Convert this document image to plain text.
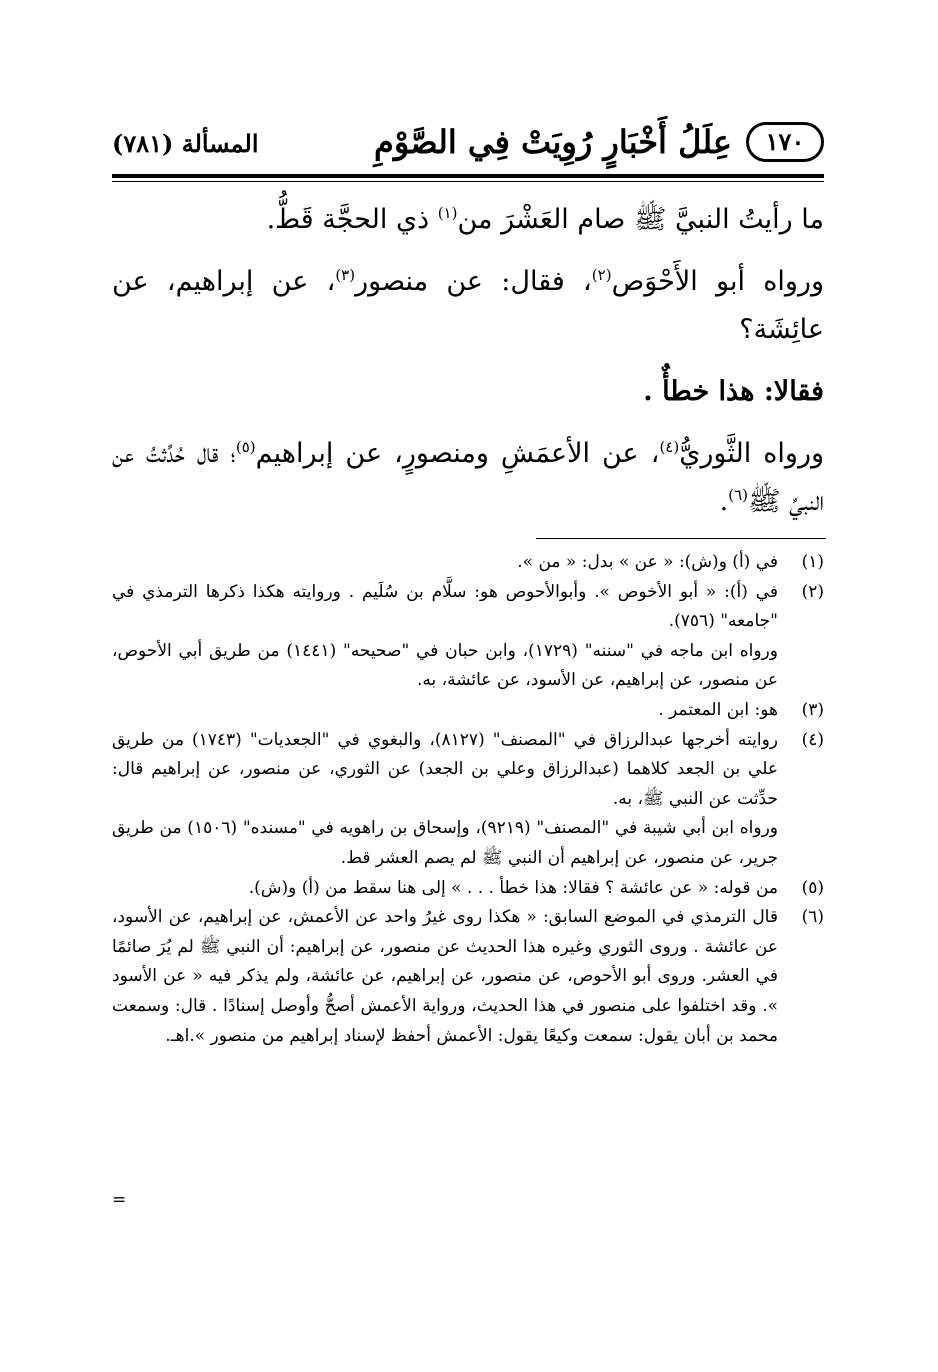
١٧٠
عِلَلُ أَخْبَارٍ رُوِيَتْ فِي الصَّوْمِ
المسألة (٧٨١)

ما رأيتُ النبيَّ ﷺ صام العَشْرَ من$^{(١)}$ ذي الحجَّة قَطُّ.

ورواه أبو الأَحْوَص$^{(٢)}$، فقال: عن منصور$^{(٣)}$، عن إبراهيم، عن عائِشَة؟

فقالا: هذا خطأٌ .

ورواه الثَّوريُّ$^{(٤)}$، عن الأعمَشِ ومنصورٍ، عن إبراهيم$^{(٥)}$؛ قال حُدِّثتُ عن النبيِّ ﷺ$^{(٦)}$.

(١)
في (أ) و(ش): « عن » بدل: « من ».
(٢)
في (أ): « أبو الأخوص ». وأبوالأحوص هو: سلَّام بن سُلَيم . وروايته هكذا ذكرها الترمذي في "جامعه" (٧٥٦).
ورواه ابن ماجه في "سننه" (١٧٢٩)، وابن حبان في "صحيحه" (١٤٤١) من طريق أبي الأحوص، عن منصور، عن إبراهيم، عن الأسود، عن عائشة، به.
(٣)
هو: ابن المعتمر .
(٤)
روايته أخرجها عبدالرزاق في "المصنف" (٨١٢٧)، والبغوي في "الجعديات" (١٧٤٣) من طريق علي بن الجعد كلاهما (عبدالرزاق وعلي بن الجعد) عن الثوري، عن منصور، عن إبراهيم قال: حدِّثت عن النبي ﷺ، به.
ورواه ابن أبي شيبة في "المصنف" (٩٢١٩)، وإسحاق بن راهويه في "مسنده" (١٥٠٦) من طريق جرير، عن منصور، عن إبراهيم أن النبي ﷺ لم يصم العشر قط.
(٥)
من قوله: « عن عائشة ؟ فقالا: هذا خطأ . . . » إلى هنا سقط من (أ) و(ش).
(٦)
قال الترمذي في الموضع السابق: « هكذا روى غيرُ واحد عن الأعمش، عن إبراهيم، عن الأسود، عن عائشة . وروى الثوري وغيره هذا الحديث عن منصور، عن إبراهيم: أن النبي ﷺ لم يُرَ صائمًا في العشر. وروى أبو الأحوص، عن منصور، عن إبراهيم، عن عائشة، ولم يذكر فيه « عن الأسود ». وقد اختلفوا على منصور في هذا الحديث، ورواية الأعمش أصحُّ وأوصل إسنادًا . قال: وسمعت محمد بن أبان يقول: سمعت وكيعًا يقول: الأعمش أحفظ لإسناد إبراهيم من منصور ».اهـ.
=
